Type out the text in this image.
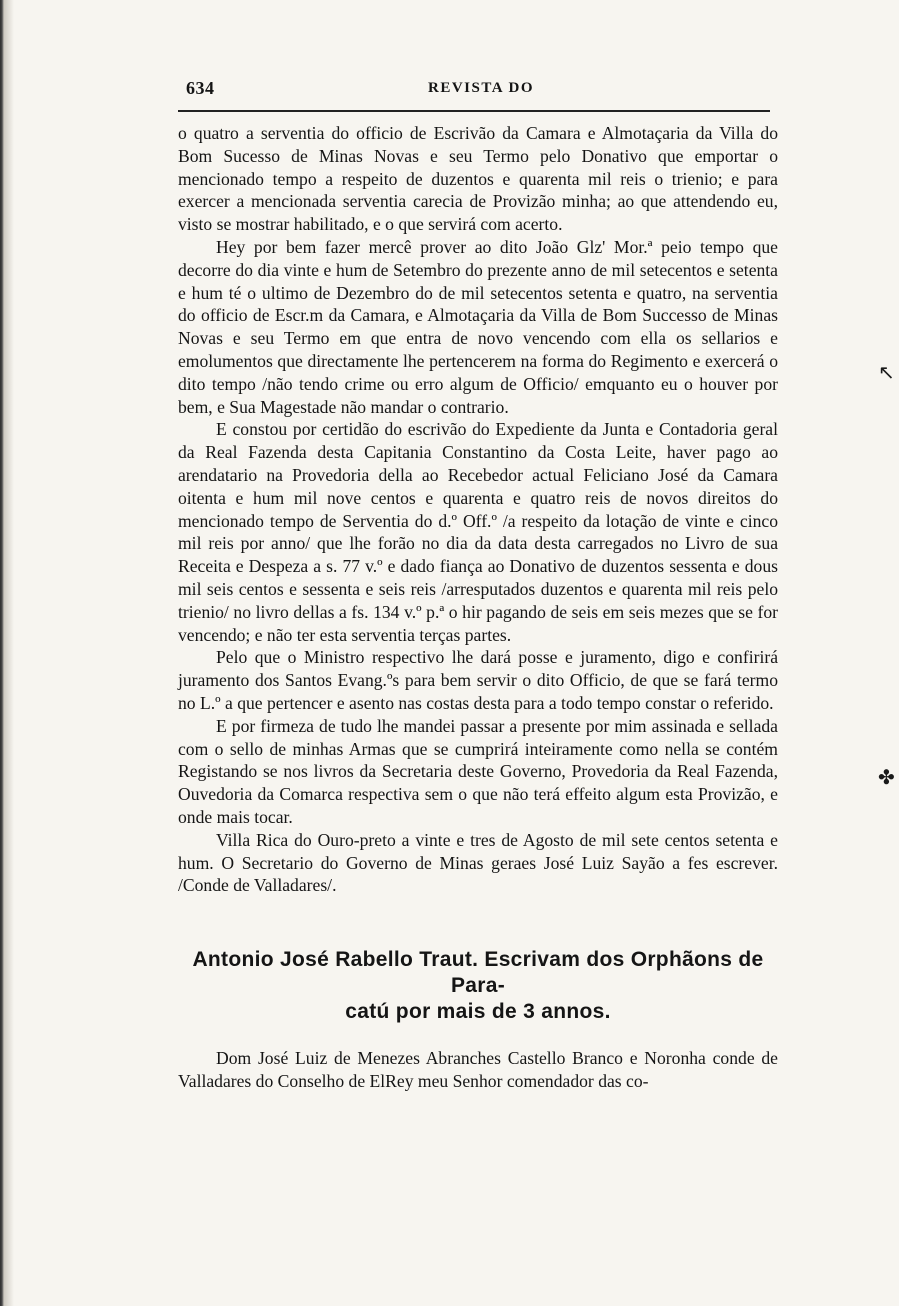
634	REVISTA DO

o quatro a serventia do officio de Escrivão da Camara e Almotaçaria da Villa do Bom Sucesso de Minas Novas e seu Termo pelo Donativo que emportar o mencionado tempo a respeito de duzentos e quarenta mil reis o trienio; e para exercer a mencionada serventia carecia de Provizão minha; ao que attendendo eu, visto se mostrar habilitado, e o que servirá com acerto.

Hey por bem fazer mercê prover ao dito João Glz' Mor.ª peio tempo que decorre do dia vinte e hum de Setembro do prezente anno de mil setecentos e setenta e hum té o ultimo de Dezembro do de mil setecentos setenta e quatro, na serventia do officio de Escr.m da Camara, e Almotaçaria da Villa de Bom Successo de Minas Novas e seu Termo em que entra de novo vencendo com ella os sellarios e emolumentos que directamente lhe pertencerem na forma do Regimento e exercerá o dito tempo /não tendo crime ou erro algum de Officio/ emquanto eu o houver por bem, e Sua Magestade não mandar o contrario.

E constou por certidão do escrivão do Expediente da Junta e Contadoria geral da Real Fazenda desta Capitania Constantino da Costa Leite, haver pago ao arendatario na Provedoria della ao Recebedor actual Feliciano José da Camara oitenta e hum mil nove centos e quarenta e quatro reis de novos direitos do mencionado tempo de Serventia do d.º Off.º /a respeito da lotação de vinte e cinco mil reis por anno/ que lhe forão no dia da data desta carregados no Livro de sua Receita e Despeza a s. 77 v.º e dado fiança ao Donativo de duzentos sessenta e dous mil seis centos e sessenta e seis reis /arresputados duzentos e quarenta mil reis pelo trienio/ no livro dellas a fs. 134 v.º p.ª o hir pagando de seis em seis mezes que se for vencendo; e não ter esta serventia terças partes.

Pelo que o Ministro respectivo lhe dará posse e juramento, digo e confirirá juramento dos Santos Evang.ºs para bem servir o dito Officio, de que se fará termo no L.º a que pertencer e asento nas costas desta para a todo tempo constar o referido.

E por firmeza de tudo lhe mandei passar a presente por mim assinada e sellada com o sello de minhas Armas que se cumprirá inteiramente como nella se contém Registando se nos livros da Secretaria deste Governo, Provedoria da Real Fazenda, Ouvedoria da Comarca respectiva sem o que não terá effeito algum esta Provizão, e onde mais tocar.

Villa Rica do Ouro-preto a vinte e tres de Agosto de mil sete centos setenta e hum. O Secretario do Governo de Minas geraes José Luiz Sayão a fes escrever. /Conde de Valladares/.

Antonio José Rabello Traut. Escrivam dos Orphãons de Para-
catú por mais de 3 annos.

Dom José Luiz de Menezes Abranches Castello Branco e Noronha conde de Valladares do Conselho de ElRey meu Senhor comendador das co-

↖
✤
